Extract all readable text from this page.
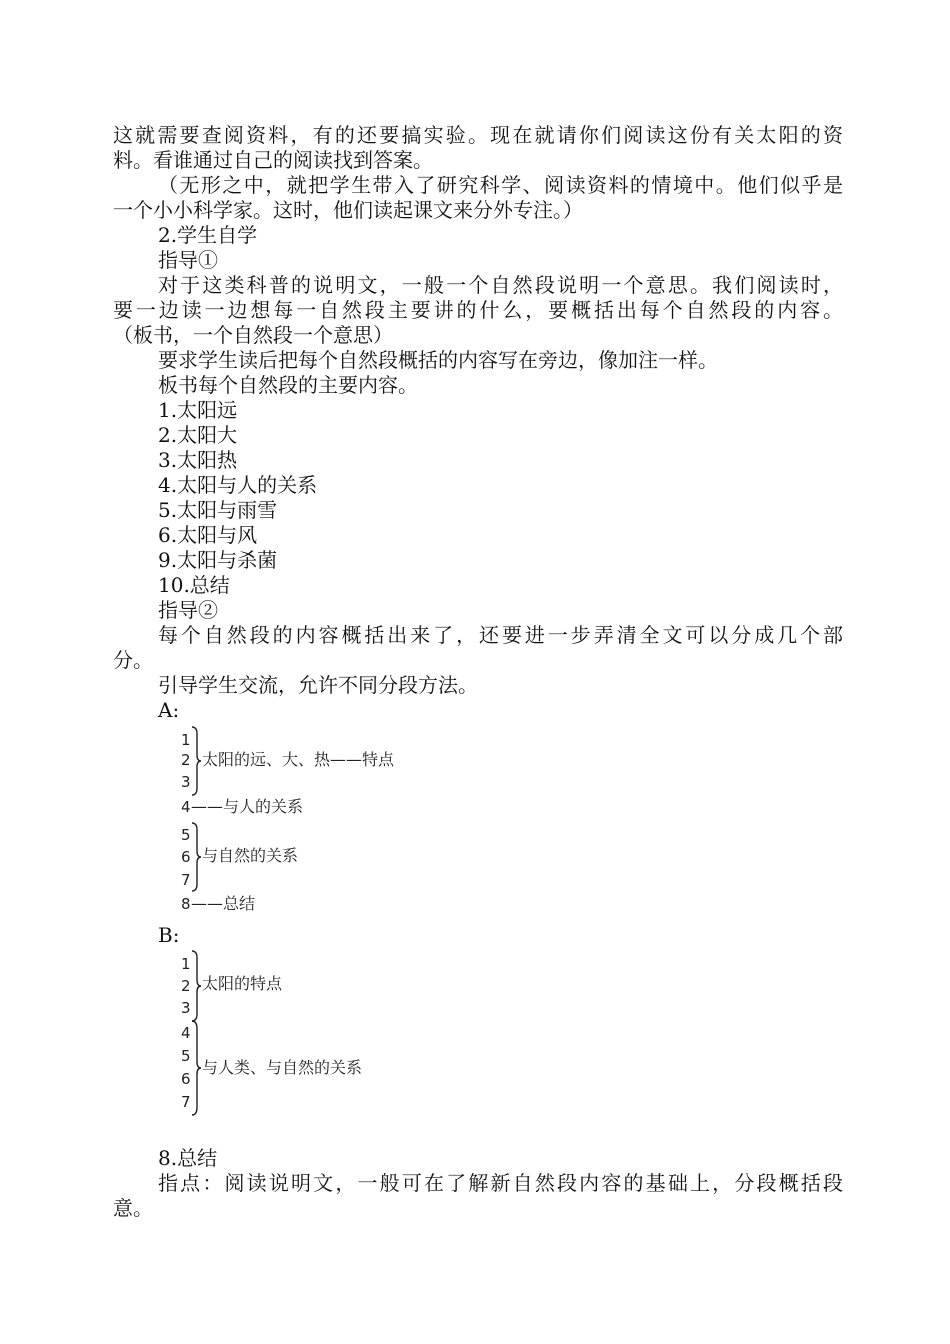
这就需要查阅资料，有的还要搞实验。现在就请你们阅读这份有关太阳的资
料。看谁通过自己的阅读找到答案。
（无形之中，就把学生带入了研究科学、阅读资料的情境中。他们似乎是
一个小小科学家。这时，他们读起课文来分外专注。）
2.学生自学
指导①
对于这类科普的说明文，一般一个自然段说明一个意思。我们阅读时，
要一边读一边想每一自然段主要讲的什么，要概括出每个自然段的内容。
（板书，一个自然段一个意思）
要求学生读后把每个自然段概括的内容写在旁边，像加注一样。
板书每个自然段的主要内容。
1.太阳远
2.太阳大
3.太阳热
4.太阳与人的关系
5.太阳与雨雪
6.太阳与风
9.太阳与杀菌
10.总结
指导②
每个自然段的内容概括出来了，还要进一步弄清全文可以分成几个部
分。
引导学生交流，允许不同分段方法。
A:
1
2
3
太阳的远、大、热——特点
4 ——与人的关系
5
6
7
与自然的关系
8 ——总结
B:
1
2
3
太阳的特点
4
5
6
7
与人类、与自然的关系
8.总结
指点：阅读说明文，一般可在了解新自然段内容的基础上，分段概括段
意。
